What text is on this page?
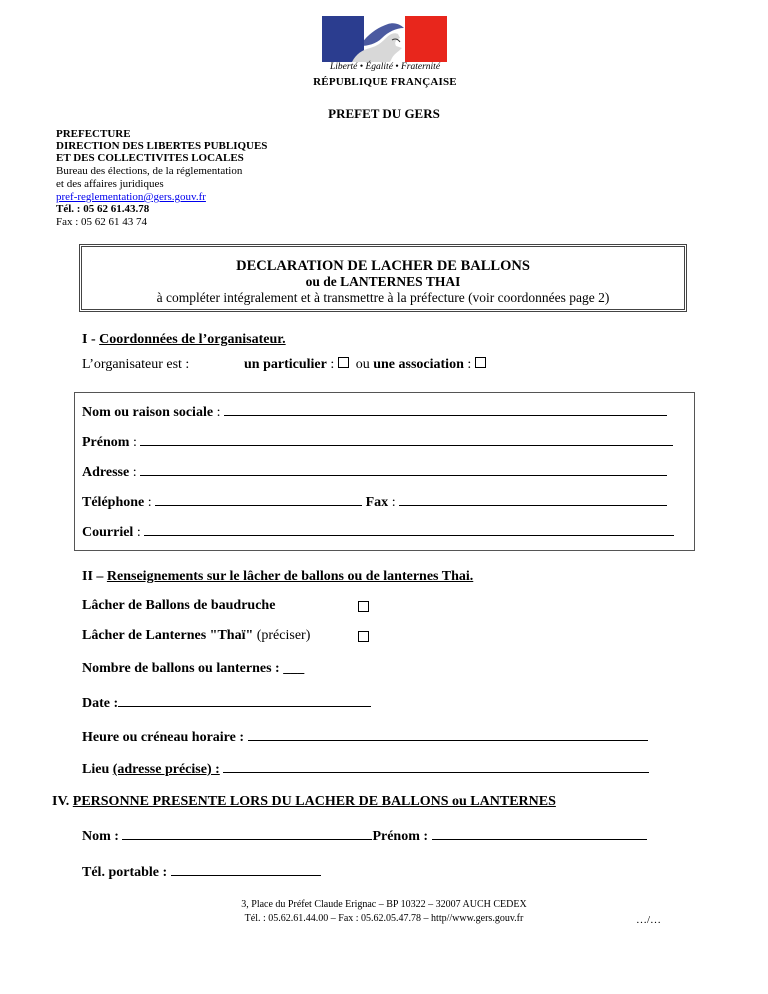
Liberté • Égalité • Fraternité
RÉPUBLIQUE FRANÇAISE
PREFET DU GERS
PREFECTURE
DIRECTION DES LIBERTES PUBLIQUES
ET DES COLLECTIVITES LOCALES
Bureau des élections, de la réglementation
et des affaires juridiques
pref-reglementation@gers.gouv.fr
Tél. : 05 62 61.43.78
Fax : 05 62 61 43 74
DECLARATION DE LACHER DE BALLONS
ou de LANTERNES THAI
à compléter intégralement et à transmettre à la préfecture (voir coordonnées page 2)
I - Coordonnées de l’organisateur.
L’organisateur est :	un particulier :   ou une association :
Nom ou raison sociale :
Prénom :
Adresse :
Téléphone :	Fax :
Courriel :
II – Renseignements sur le lâcher de ballons ou de lanternes Thai.
Lâcher de Ballons de baudruche
Lâcher de Lanternes "Thaï" (préciser)
Nombre de ballons ou lanternes : ___
Date :
Heure ou créneau horaire :
Lieu (adresse précise) :
IV. PERSONNE PRESENTE LORS DU LACHER DE BALLONS ou LANTERNES
Nom :	Prénom :
Tél. portable :
3, Place du Préfet Claude Erignac – BP 10322 – 32007 AUCH CEDEX
Tél. : 05.62.61.44.00 – Fax : 05.62.05.47.78 – http//www.gers.gouv.fr	…/…
